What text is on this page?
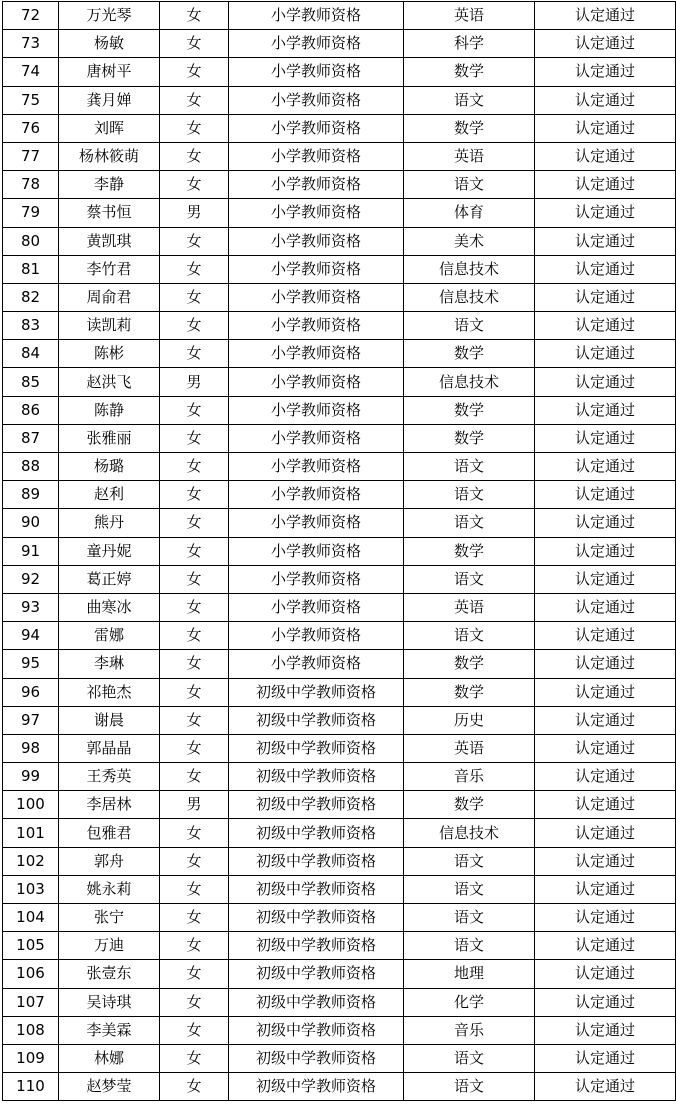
72	万光琴	女	小学教师资格	英语	认定通过
73	杨敏	女	小学教师资格	科学	认定通过
74	唐树平	女	小学教师资格	数学	认定通过
75	龚月婵	女	小学教师资格	语文	认定通过
76	刘晖	女	小学教师资格	数学	认定通过
77	杨林筱萌	女	小学教师资格	英语	认定通过
78	李静	女	小学教师资格	语文	认定通过
79	蔡书恒	男	小学教师资格	体育	认定通过
80	黄凯琪	女	小学教师资格	美术	认定通过
81	李竹君	女	小学教师资格	信息技术	认定通过
82	周俞君	女	小学教师资格	信息技术	认定通过
83	读凯莉	女	小学教师资格	语文	认定通过
84	陈彬	女	小学教师资格	数学	认定通过
85	赵洪飞	男	小学教师资格	信息技术	认定通过
86	陈静	女	小学教师资格	数学	认定通过
87	张雅丽	女	小学教师资格	数学	认定通过
88	杨璐	女	小学教师资格	语文	认定通过
89	赵利	女	小学教师资格	语文	认定通过
90	熊丹	女	小学教师资格	语文	认定通过
91	童丹妮	女	小学教师资格	数学	认定通过
92	葛正婷	女	小学教师资格	语文	认定通过
93	曲寒冰	女	小学教师资格	英语	认定通过
94	雷娜	女	小学教师资格	语文	认定通过
95	李琳	女	小学教师资格	数学	认定通过
96	祁艳杰	女	初级中学教师资格	数学	认定通过
97	谢晨	女	初级中学教师资格	历史	认定通过
98	郭晶晶	女	初级中学教师资格	英语	认定通过
99	王秀英	女	初级中学教师资格	音乐	认定通过
100	李居林	男	初级中学教师资格	数学	认定通过
101	包雅君	女	初级中学教师资格	信息技术	认定通过
102	郭舟	女	初级中学教师资格	语文	认定通过
103	姚永莉	女	初级中学教师资格	语文	认定通过
104	张宁	女	初级中学教师资格	语文	认定通过
105	万迪	女	初级中学教师资格	语文	认定通过
106	张壹东	女	初级中学教师资格	地理	认定通过
107	吴诗琪	女	初级中学教师资格	化学	认定通过
108	李美霖	女	初级中学教师资格	音乐	认定通过
109	林娜	女	初级中学教师资格	语文	认定通过
110	赵梦莹	女	初级中学教师资格	语文	认定通过
